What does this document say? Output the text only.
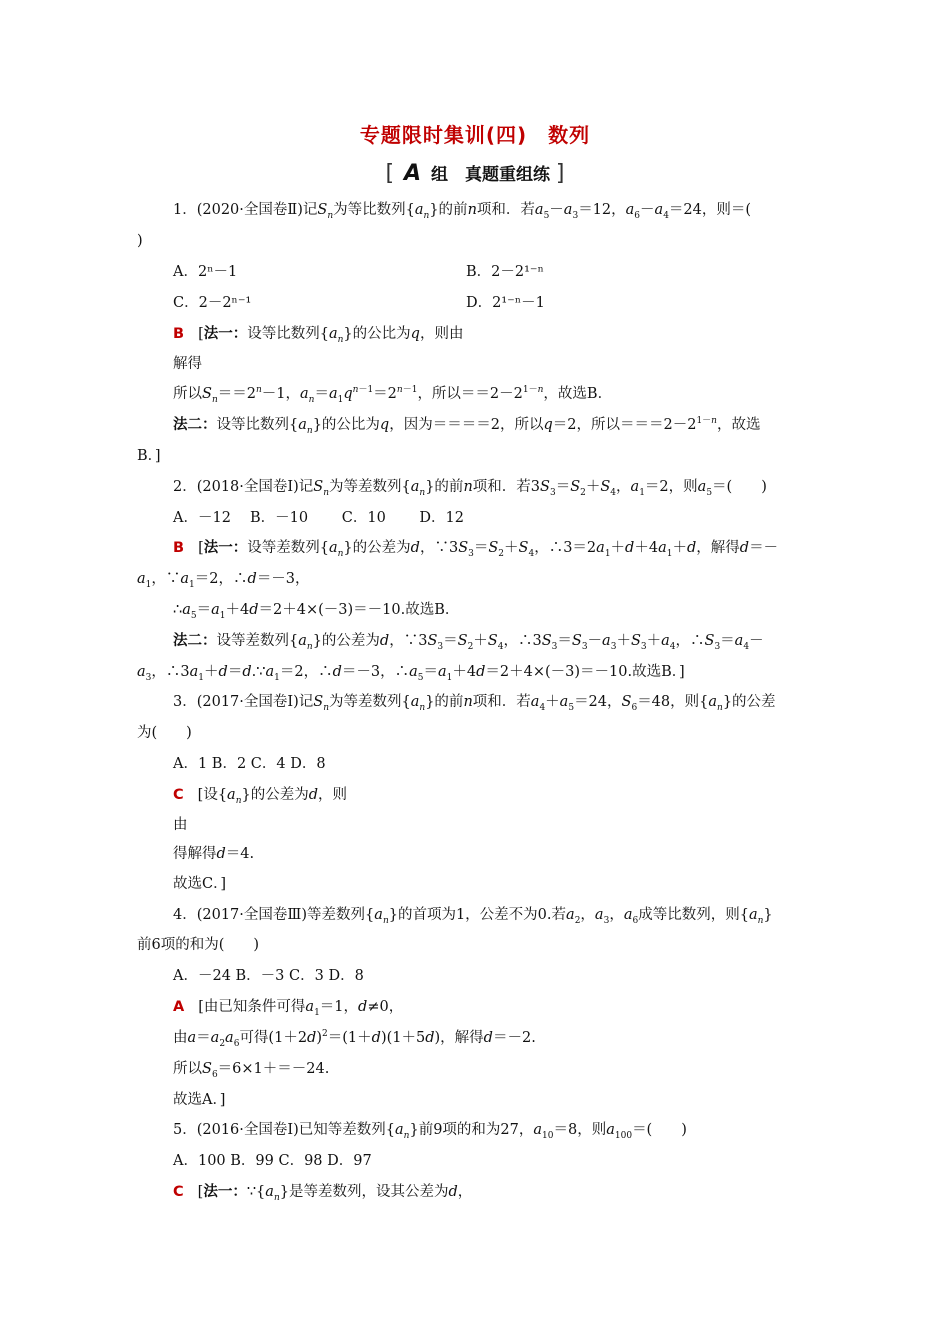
专题限时集训(四)　数列
[ A 组　真题重组练 ]
1．(2020·全国卷Ⅱ)记$S_n$为等比数列$\{a_n\}$的前n项和．若$a_5-a_3=12$，$a_6-a_4=24$，则＝(
)
A．2ⁿ－1	B．2－2¹⁻ⁿ
C．2－2ⁿ⁻¹	D．2¹⁻ⁿ－1
B [法一：设等比数列$\{a_n\}$的公比为q，则由
解得
所以$S_n==2^n-1$，$a_n=a_1q^{n-1}=2^{n-1}$，所以$==2-2^{1-n}$，故选B．
法二：设等比数列$\{a_n\}$的公比为q，因为＝＝＝＝2，所以q＝2，所以$===2-2^{1-n}$，故选
B．]
2．(2018·全国卷Ⅰ)记$S_n$为等差数列$\{a_n\}$的前n项和．若$3S_3=S_2+S_4$，$a_1=2$，则$a_5=$(　　)
A．－12　 B．－10　　 C．10　　 D．12
B [法一：设等差数列$\{a_n\}$的公差为d，$\because 3S_3=S_2+S_4$，$\therefore 3=2a_1+d+4a_1+d$，解得d＝－
$a_1$，$\because a_1=2$，∴d＝－3，
$\therefore a_5=a_1+4d=2+4\times(-3)=-10$.故选B．
法二：设等差数列$\{a_n\}$的公差为d，$\because 3S_3=S_2+S_4$，$\therefore 3S_3=S_3-a_3+S_3+a_4$，$\therefore S_3=a_4-$
$a_3$，$\therefore 3a_1+d=d.\because a_1=2$，∴d＝－3，$\therefore a_5=a_1+4d=2+4\times(-3)=-10$.故选B．]
3．(2017·全国卷Ⅰ)记$S_n$为等差数列$\{a_n\}$的前n项和．若$a_4+a_5=24$，$S_6=48$，则$\{a_n\}$的公差
为(　　)
A．1 B．2 C．4 D．8
C [设$\{a_n\}$的公差为d，则
由
得解得d＝4.
故选C．]
4．(2017·全国卷Ⅲ)等差数列$\{a_n\}$的首项为1，公差不为0.若$a_2$，$a_3$，$a_6$成等比数列，则$\{a_n\}$
前6项的和为(　　)
A．－24 B．－3 C．3 D．8
A [由已知条件可得$a_1=1$，d≠0，
由$a=a_2a_6$可得$(1+2d)^2=(1+d)(1+5d)$，解得d＝－2.
所以$S_6=6\times 1+=-24$.
故选A．]
5．(2016·全国卷Ⅰ)已知等差数列$\{a_n\}$前9项的和为27，$a_{10}=8$，则$a_{100}=$(　　)
A．100 B．99 C．98 D．97
C [法一：$\because\{a_n\}$是等差数列，设其公差为d，
